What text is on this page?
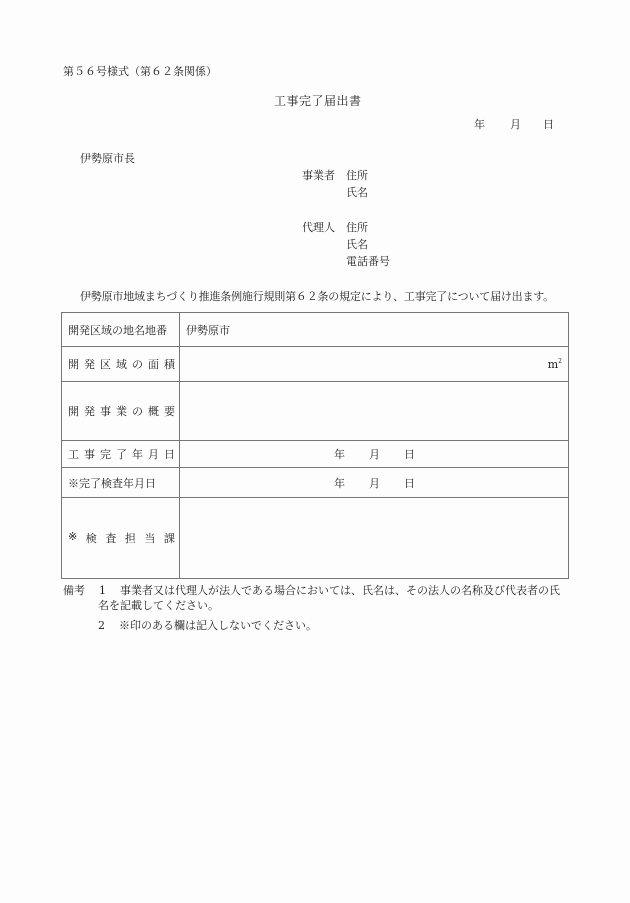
第５６号様式（第６２条関係）
工事完了届出書
年 月 日
伊勢原市長
事業者 住所
氏名
代理人 住所
氏名
電話番号
伊勢原市地域まちづくり推進条例施行規則第６２条の規定により、工事完了について届け出ます。
開発区域の地名地番	伊勢原市

開 発 区 域 の 面 積	$m^2$

開 発 事 業 の 概 要

工 事 完 了 年 月 日	年	月	日

※完了検査年月日	年 月 日

※ 検 査 担 当 課

備考 1 事業者又は代理人が法人である場合においては、氏名は、その法人の名称及び代表者の氏
名を記載してください。
2 ※印のある欄は記入しないでください。
